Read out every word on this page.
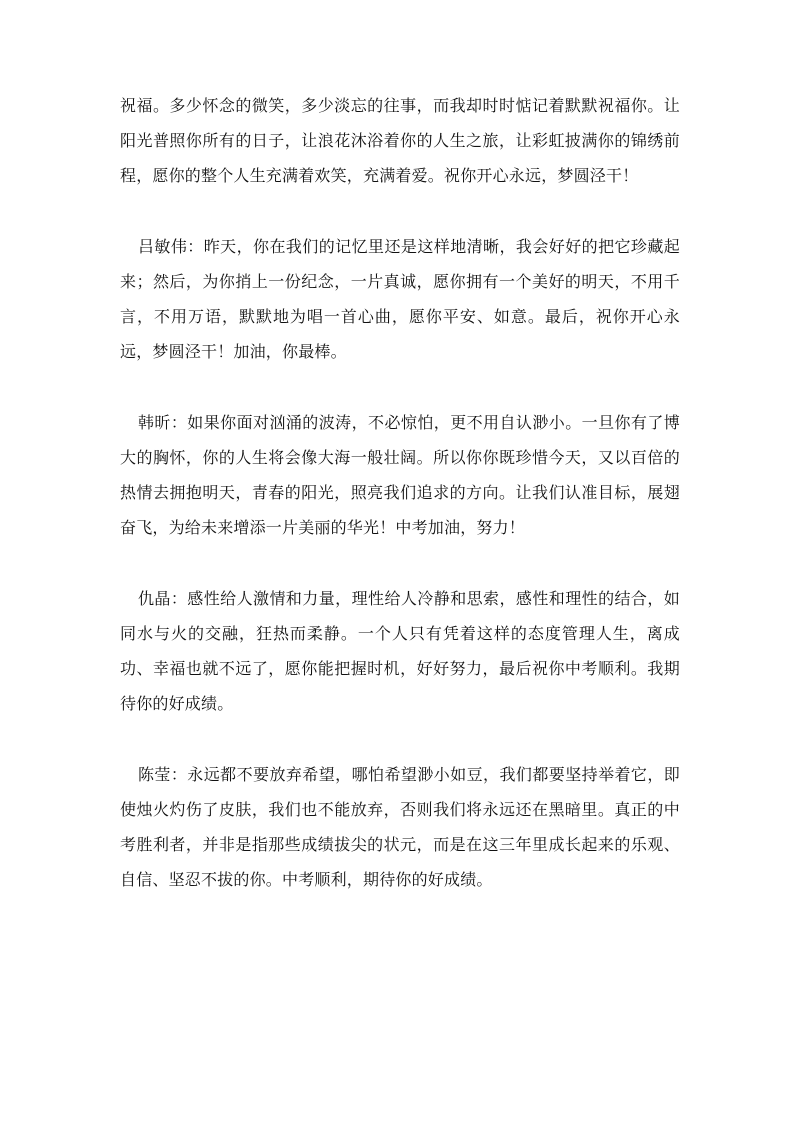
祝福。多少怀念的微笑，多少淡忘的往事，而我却时时惦记着默默祝福你。让阳光普照你所有的日子，让浪花沐浴着你的人生之旅，让彩虹披满你的锦绣前程，愿你的整个人生充满着欢笑，充满着爱。祝你开心永远，梦圆泾干！

吕敏伟：昨天，你在我们的记忆里还是这样地清晰，我会好好的把它珍藏起来；然后，为你捎上一份纪念，一片真诚，愿你拥有一个美好的明天，不用千言，不用万语，默默地为唱一首心曲，愿你平安、如意。最后，祝你开心永远，梦圆泾干！加油，你最棒。

韩昕：如果你面对汹涌的波涛，不必惊怕，更不用自认渺小。一旦你有了博大的胸怀，你的人生将会像大海一般壮阔。所以你你既珍惜今天，又以百倍的热情去拥抱明天，青春的阳光，照亮我们追求的方向。让我们认准目标，展翅奋飞，为给未来增添一片美丽的华光！中考加油，努力！

仇晶：感性给人激情和力量，理性给人冷静和思索，感性和理性的结合，如同水与火的交融，狂热而柔静。一个人只有凭着这样的态度管理人生，离成功、幸福也就不远了，愿你能把握时机，好好努力，最后祝你中考顺利。我期待你的好成绩。

陈莹：永远都不要放弃希望，哪怕希望渺小如豆，我们都要坚持举着它，即使烛火灼伤了皮肤，我们也不能放弃，否则我们将永远还在黑暗里。真正的中考胜利者，并非是指那些成绩拔尖的状元，而是在这三年里成长起来的乐观、自信、坚忍不拔的你。中考顺利，期待你的好成绩。
